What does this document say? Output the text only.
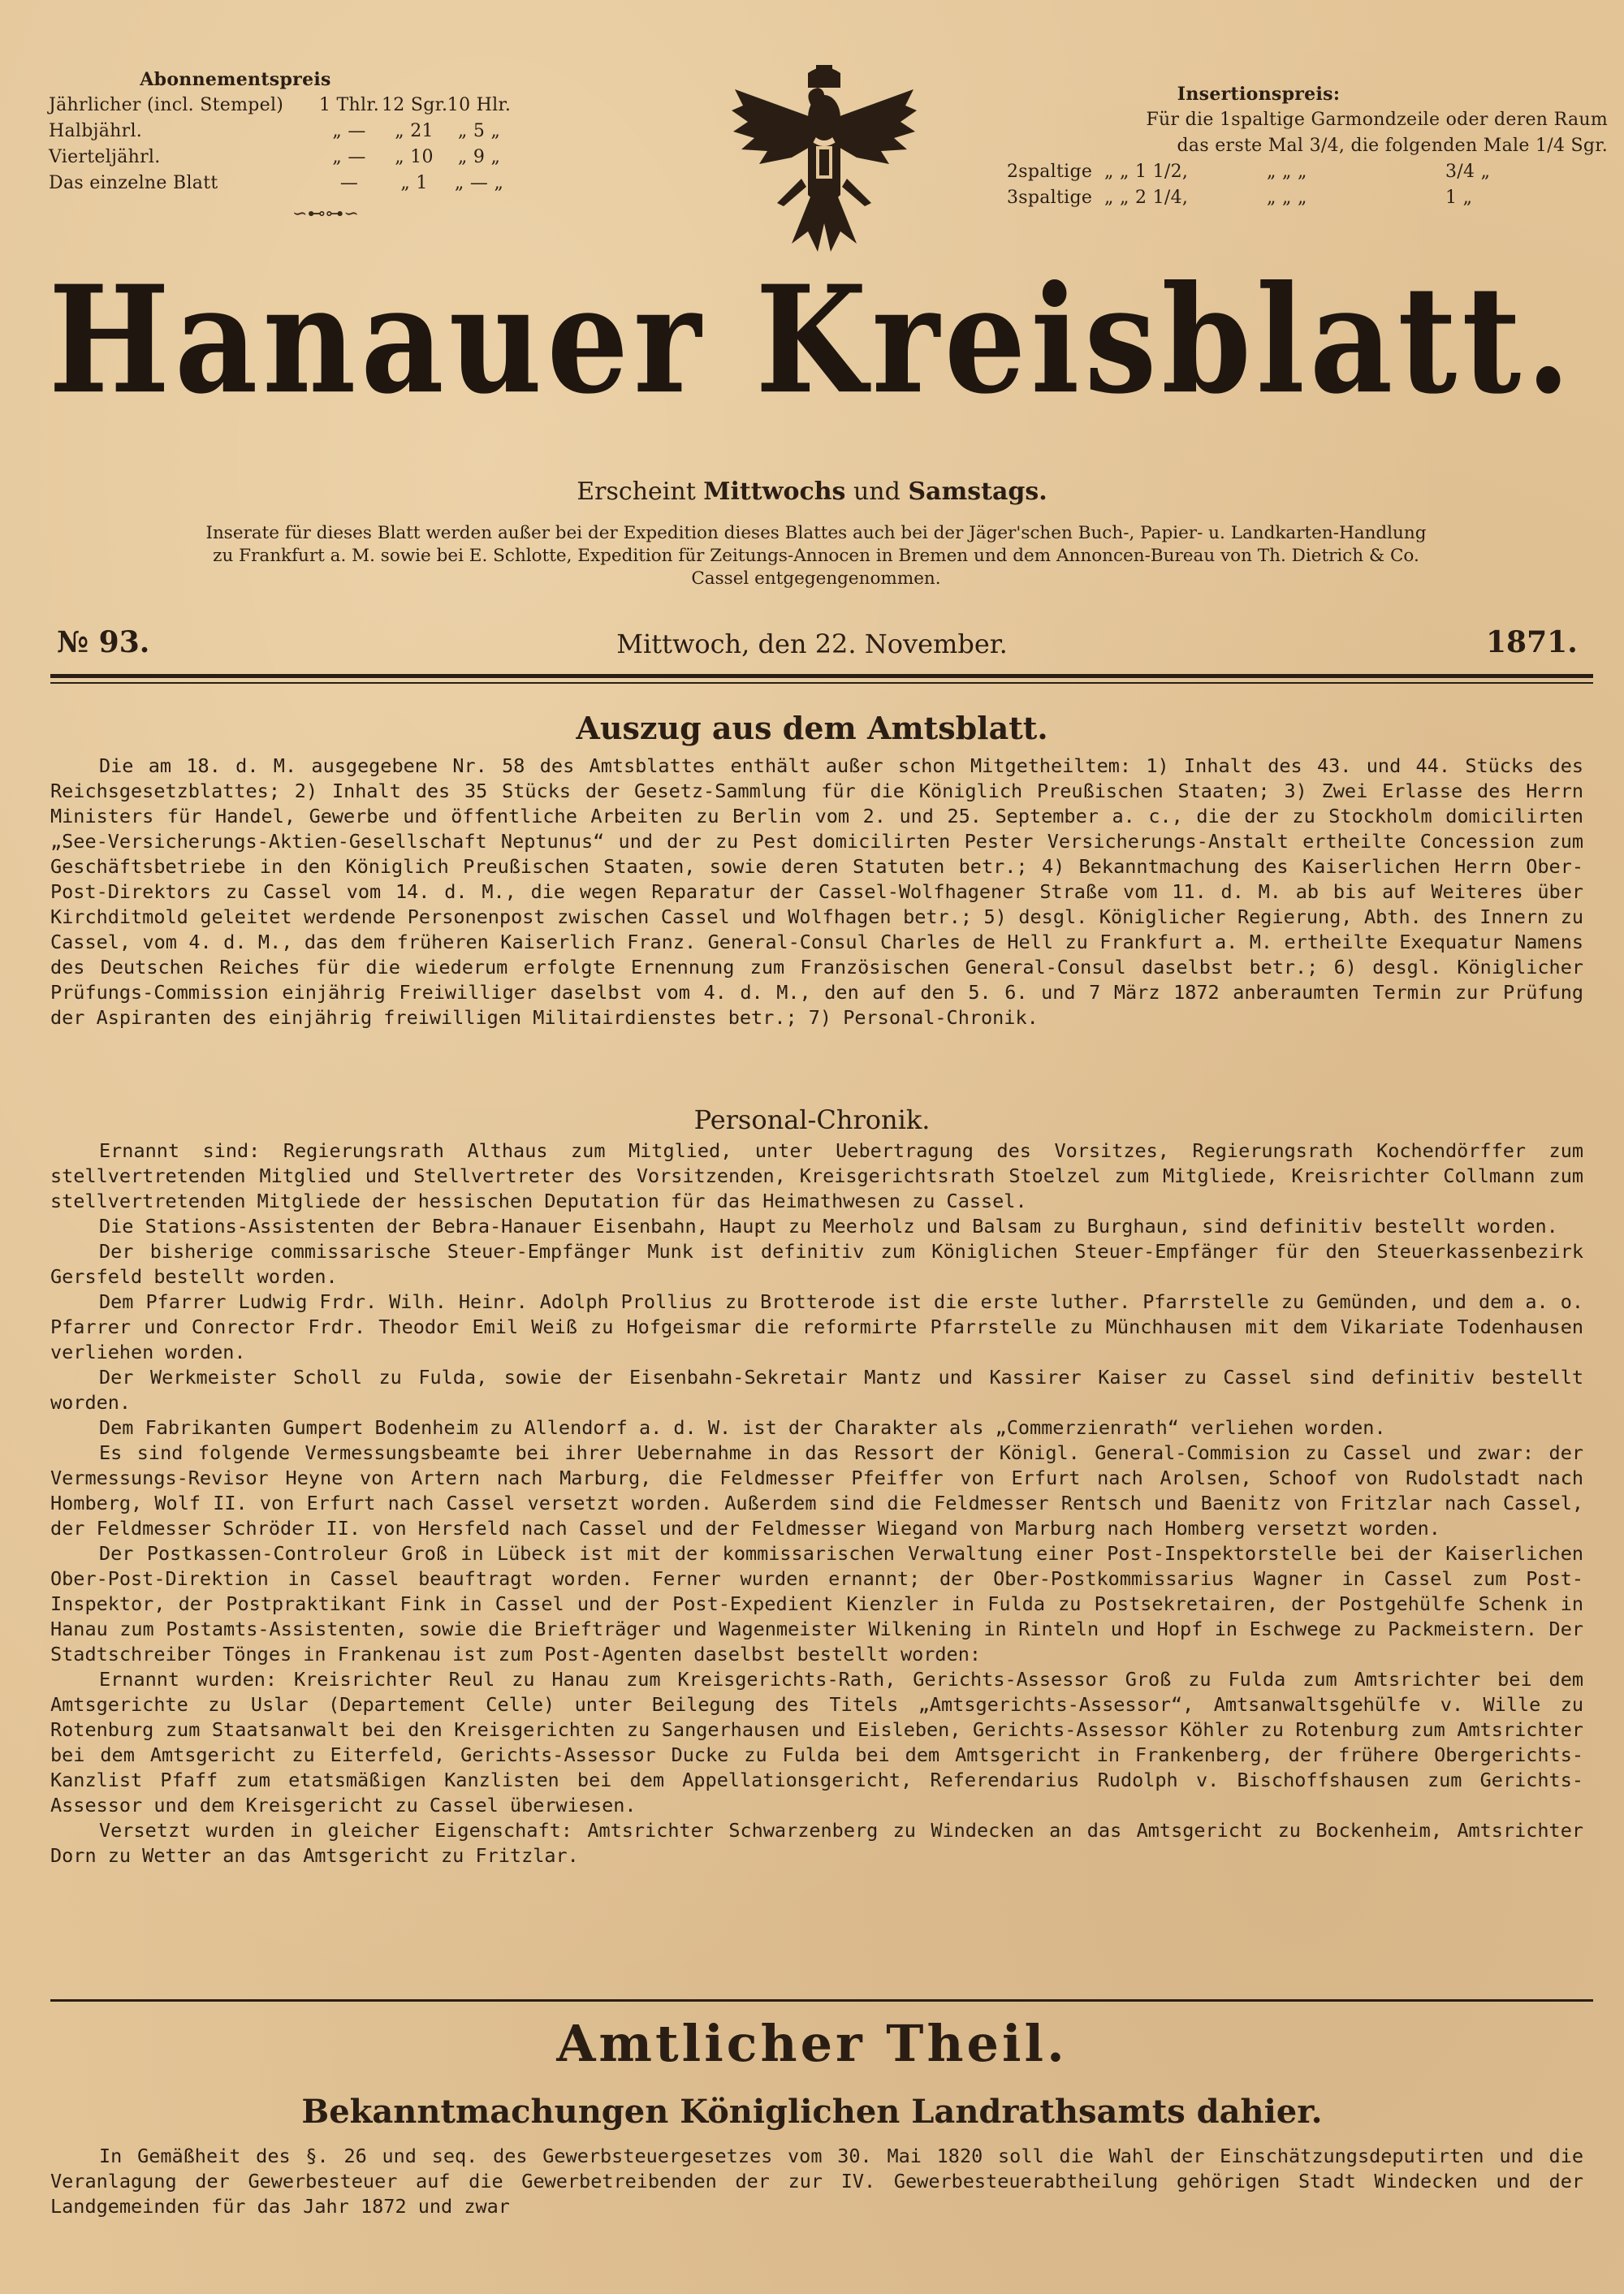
Abonnementspreis
Jährlicher (incl. Stempel)	1 Thlr. 12 Sgr. 10 Hlr.
Halbjährl.	„ —	„ 21	„ 5 „
Vierteljährl.	„ —	„ 10	„ 9 „
Das einzelne Blatt	—	„ 1	„ — „
∽⊷⊶∽
Insertionspreis:
Für die 1spaltige Garmondzeile oder deren Raum
das erste Mal 3/4, die folgenden Male 1/4 Sgr.
2spaltige „ „ 1 1/2,	„ „ „	3/4 „
3spaltige „ „ 2 1/4,	„ „ „	1 „
Hanauer Kreisblatt.
Erscheint Mittwochs und Samstags.
Inserate für dieses Blatt werden außer bei der Expedition dieses Blattes auch bei der Jäger'schen Buch-, Papier- u. Landkarten-Handlung
zu Frankfurt a. M. sowie bei E. Schlotte, Expedition für Zeitungs-Annocen in Bremen und dem Annoncen-Bureau von Th. Dietrich & Co.
Cassel entgegengenommen.
№ 93.	Mittwoch, den 22. November.	1871.
Auszug aus dem Amtsblatt.

Die am 18. d. M. ausgegebene Nr. 58 des Amtsblattes enthält außer schon Mitgetheiltem: 1) Inhalt des 43. und 44. Stücks des Reichsgesetzblattes; 2) Inhalt des 35 Stücks der Gesetz-Sammlung für die Königlich Preußischen Staaten; 3) Zwei Erlasse des Herrn Ministers für Handel, Gewerbe und öffentliche Arbeiten zu Berlin vom 2. und 25. September a. c., die der zu Stockholm domicilirten „See-Versicherungs-Aktien-Gesellschaft Neptunus“ und der zu Pest domicilirten Pester Versicherungs-Anstalt ertheilte Concession zum Geschäftsbetriebe in den Königlich Preußischen Staaten, sowie deren Statuten betr.; 4) Bekanntmachung des Kaiserlichen Herrn Ober-Post-Direktors zu Cassel vom 14. d. M., die wegen Reparatur der Cassel-Wolfhagener Straße vom 11. d. M. ab bis auf Weiteres über Kirchditmold geleitet werdende Personenpost zwischen Cassel und Wolfhagen betr.; 5) desgl. Königlicher Regierung, Abth. des Innern zu Cassel, vom 4. d. M., das dem früheren Kaiserlich Franz. General-Consul Charles de Hell zu Frankfurt a. M. ertheilte Exequatur Namens des Deutschen Reiches für die wiederum erfolgte Ernennung zum Französischen General-Consul daselbst betr.; 6) desgl. Königlicher Prüfungs-Commission einjährig Freiwilliger daselbst vom 4. d. M., den auf den 5. 6. und 7 März 1872 anberaumten Termin zur Prüfung der Aspiranten des einjährig freiwilligen Militairdienstes betr.; 7) Personal-Chronik.

Personal-Chronik.

Ernannt sind: Regierungsrath Althaus zum Mitglied, unter Uebertragung des Vorsitzes, Regierungsrath Kochendörffer zum stellvertretenden Mitglied und Stellvertreter des Vorsitzenden, Kreisgerichtsrath Stoelzel zum Mitgliede, Kreisrichter Collmann zum stellvertretenden Mitgliede der hessischen Deputation für das Heimathwesen zu Cassel.

Die Stations-Assistenten der Bebra-Hanauer Eisenbahn, Haupt zu Meerholz und Balsam zu Burghaun, sind definitiv bestellt worden.

Der bisherige commissarische Steuer-Empfänger Munk ist definitiv zum Königlichen Steuer-Empfänger für den Steuerkassenbezirk Gersfeld bestellt worden.

Dem Pfarrer Ludwig Frdr. Wilh. Heinr. Adolph Prollius zu Brotterode ist die erste luther. Pfarrstelle zu Gemünden, und dem a. o. Pfarrer und Conrector Frdr. Theodor Emil Weiß zu Hofgeismar die reformirte Pfarrstelle zu Münchhausen mit dem Vikariate Todenhausen verliehen worden.

Der Werkmeister Scholl zu Fulda, sowie der Eisenbahn-Sekretair Mantz und Kassirer Kaiser zu Cassel sind definitiv bestellt worden.

Dem Fabrikanten Gumpert Bodenheim zu Allendorf a. d. W. ist der Charakter als „Commerzienrath“ verliehen worden.

Es sind folgende Vermessungsbeamte bei ihrer Uebernahme in das Ressort der Königl. General-Commision zu Cassel und zwar: der Vermessungs-Revisor Heyne von Artern nach Marburg, die Feldmesser Pfeiffer von Erfurt nach Arolsen, Schoof von Rudolstadt nach Homberg, Wolf II. von Erfurt nach Cassel versetzt worden. Außerdem sind die Feldmesser Rentsch und Baenitz von Fritzlar nach Cassel, der Feldmesser Schröder II. von Hersfeld nach Cassel und der Feldmesser Wiegand von Marburg nach Homberg versetzt worden.

Der Postkassen-Controleur Groß in Lübeck ist mit der kommissarischen Verwaltung einer Post-Inspektorstelle bei der Kaiserlichen Ober-Post-Direktion in Cassel beauftragt worden. Ferner wurden ernannt; der Ober-Postkommissarius Wagner in Cassel zum Post-Inspektor, der Postpraktikant Fink in Cassel und der Post-Expedient Kienzler in Fulda zu Postsekretairen, der Postgehülfe Schenk in Hanau zum Postamts-Assistenten, sowie die Briefträger und Wagenmeister Wilkening in Rinteln und Hopf in Eschwege zu Packmeistern. Der Stadtschreiber Tönges in Frankenau ist zum Post-Agenten daselbst bestellt worden:

Ernannt wurden: Kreisrichter Reul zu Hanau zum Kreisgerichts-Rath, Gerichts-Assessor Groß zu Fulda zum Amtsrichter bei dem Amtsgerichte zu Uslar (Departement Celle) unter Beilegung des Titels „Amtsgerichts-Assessor“, Amtsanwaltsgehülfe v. Wille zu Rotenburg zum Staatsanwalt bei den Kreisgerichten zu Sangerhausen und Eisleben, Gerichts-Assessor Köhler zu Rotenburg zum Amtsrichter bei dem Amtsgericht zu Eiterfeld, Gerichts-Assessor Ducke zu Fulda bei dem Amtsgericht in Frankenberg, der frühere Obergerichts-Kanzlist Pfaff zum etatsmäßigen Kanzlisten bei dem Appellationsgericht, Referendarius Rudolph v. Bischoffshausen zum Gerichts-Assessor und dem Kreisgericht zu Cassel überwiesen.

Versetzt wurden in gleicher Eigenschaft: Amtsrichter Schwarzenberg zu Windecken an das Amtsgericht zu Bockenheim, Amtsrichter Dorn zu Wetter an das Amtsgericht zu Fritzlar.

Amtlicher Theil.
Bekanntmachungen Königlichen Landrathsamts dahier.

In Gemäßheit des §. 26 und seq. des Gewerbsteuergesetzes vom 30. Mai 1820 soll die Wahl der Einschätzungsdeputirten und die Veranlagung der Gewerbesteuer auf die Gewerbetreibenden der zur IV. Gewerbesteuerabtheilung gehörigen Stadt Windecken und der Landgemeinden für das Jahr 1872 und zwar
